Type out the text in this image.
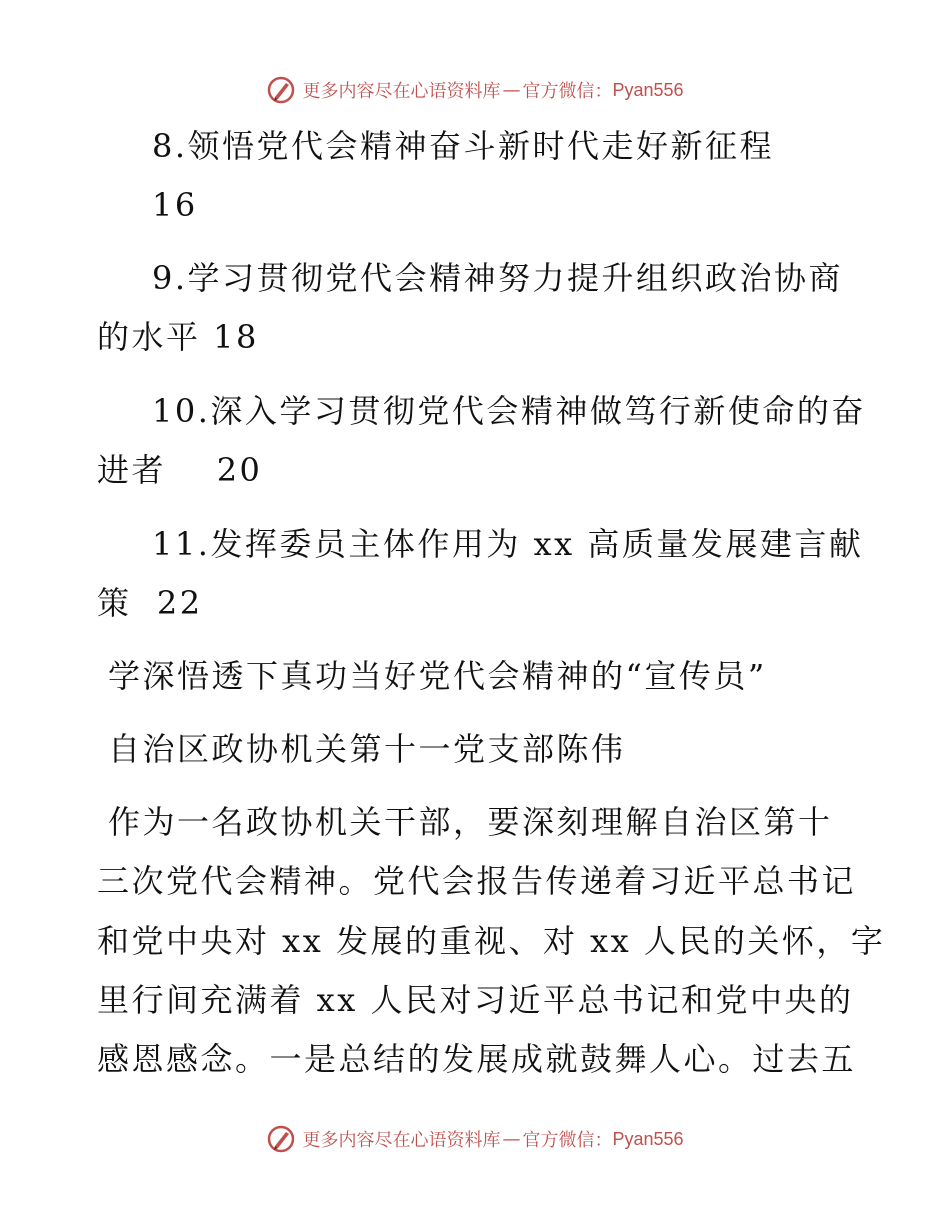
更多内容尽在心语资料库 — 官方微信： Pyan556
8.领悟党代会精神奋斗新时代走好新征程
16
9.学习贯彻党代会精神努力提升组织政治协商
的水平 18
10.深入学习贯彻党代会精神做笃行新使命的奋
进者    20
11.发挥委员主体作用为 xx 高质量发展建言献
策  22
学深悟透下真功当好党代会精神的“宣传员”
自治区政协机关第十一党支部陈伟
作为一名政协机关干部，要深刻理解自治区第十
三次党代会精神。党代会报告传递着习近平总书记
和党中央对 xx 发展的重视、对 xx 人民的关怀，字
里行间充满着 xx 人民对习近平总书记和党中央的
感恩感念。一是总结的发展成就鼓舞人心。过去五
更多内容尽在心语资料库 — 官方微信： Pyan556
